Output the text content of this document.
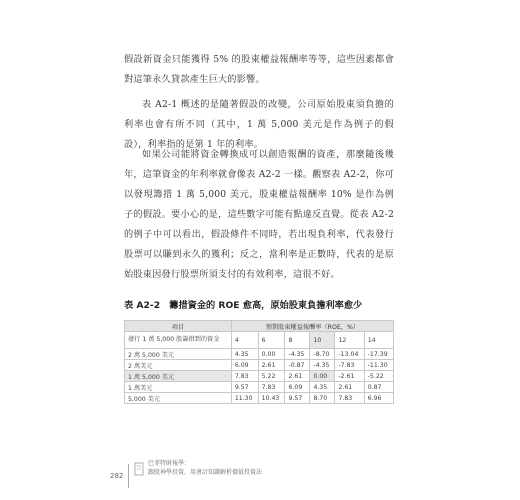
假設新資金只能獲得 5% 的股東權益報酬率等等，這些因素都會對這筆永久貸款產生巨大的影響。

表 A2-1 概述的是隨著假設的改變，公司原始股東須負擔的利率也會有所不同（其中，1 萬 5,000 美元是作為例子的假設），利率指的是第 1 年的利率。

如果公司能將資金轉換成可以創造報酬的資產，那麼隨後幾年，這筆資金的年利率就會像表 A2-2 一樣。觀察表 A2-2，你可以發現籌措 1 萬 5,000 美元，股東權益報酬率 10% 是作為例子的假設。要小心的是，這些數字可能有點違反直覺。從表 A2-2 的例子中可以看出，假設條件不同時，若出現負利率，代表發行股票可以賺到永久的獲利；反之，當利率是正數時，代表的是原始股東因發行股票所須支付的有效利率，這很不好。

表 A2-2　籌措資金的 ROE 愈高，原始股東負擔利率愈少

項目	預期股東權益報酬率（ROE，%）					
發行 1 萬 5,000 股籌措到的資金	4	6	8	10	12	14
2 萬 5,000 美元	4.35	0.00	-4.35	-8.70	-13.04	-17.39
2 萬美元	6.09	2.61	-0.87	-4.35	-7.83	-11.30
1 萬 5,000 美元	7.83	5.22	2.61	0.00	-2.61	-5.22
1 萬美元	9.57	7.83	6.09	4.35	2.61	0.87
5,000 美元	11.30	10.43	9.57	8.70	7.83	6.96
282
巴菲特財報學：
跟股神學投資，用會計知識解析價值投資法
